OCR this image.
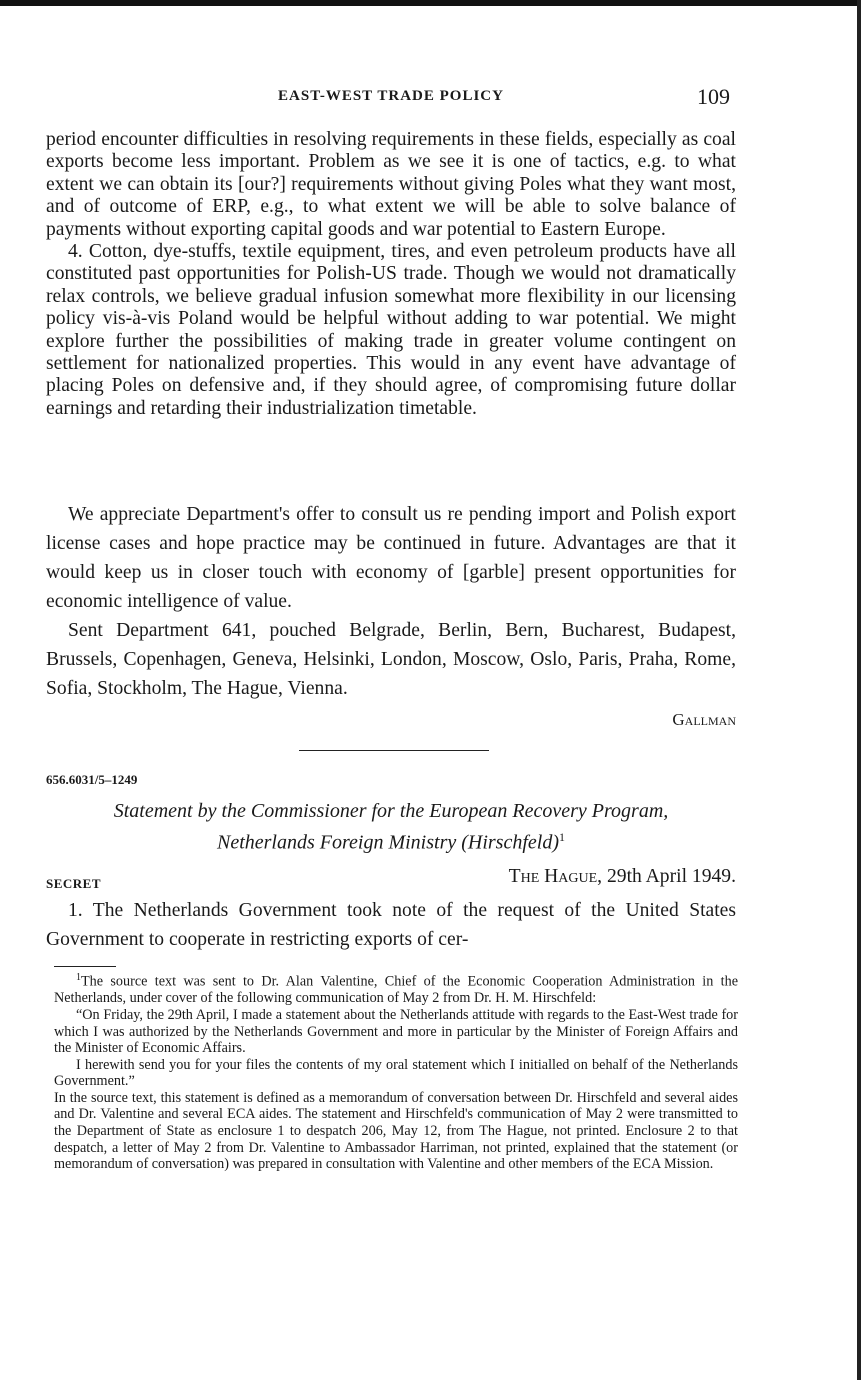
EAST-WEST TRADE POLICY	109

period encounter difficulties in resolving requirements in these fields, especially as coal exports become less important. Problem as we see it is one of tactics, e.g. to what extent we can obtain its [our?] requirements without giving Poles what they want most, and of outcome of ERP, e.g., to what extent we will be able to solve balance of payments without exporting capital goods and war potential to Eastern Europe.

4. Cotton, dye-stuffs, textile equipment, tires, and even petroleum products have all constituted past opportunities for Polish-US trade. Though we would not dramatically relax controls, we believe gradual infusion somewhat more flexibility in our licensing policy vis-à-vis Poland would be helpful without adding to war potential. We might explore further the possibilities of making trade in greater volume contingent on settlement for nationalized properties. This would in any event have advantage of placing Poles on defensive and, if they should agree, of compromising future dollar earnings and retarding their industrialization timetable.

We appreciate Department's offer to consult us re pending import and Polish export license cases and hope practice may be continued in future. Advantages are that it would keep us in closer touch with economy of [garble] present opportunities for economic intelligence of value.

Sent Department 641, pouched Belgrade, Berlin, Bern, Bucharest, Budapest, Brussels, Copenhagen, Geneva, Helsinki, London, Moscow, Oslo, Paris, Praha, Rome, Sofia, Stockholm, The Hague, Vienna.

Gallman
656.6031/5–1249
Statement by the Commissioner for the European Recovery Program,
Netherlands Foreign Ministry (Hirschfeld)$^1$
SECRET	The Hague, 29th April 1949.

1. The Netherlands Government took note of the request of the United States Government to cooperate in restricting exports of cer-

$^1$The source text was sent to Dr. Alan Valentine, Chief of the Economic Cooperation Administration in the Netherlands, under cover of the following communication of May 2 from Dr. H. M. Hirschfeld:

“On Friday, the 29th April, I made a statement about the Netherlands attitude with regards to the East-West trade for which I was authorized by the Netherlands Government and more in particular by the Minister of Foreign Affairs and the Minister of Economic Affairs.

I herewith send you for your files the contents of my oral statement which I initialled on behalf of the Netherlands Government.”

In the source text, this statement is defined as a memorandum of conversation between Dr. Hirschfeld and several aides and Dr. Valentine and several ECA aides. The statement and Hirschfeld's communication of May 2 were transmitted to the Department of State as enclosure 1 to despatch 206, May 12, from The Hague, not printed. Enclosure 2 to that despatch, a letter of May 2 from Dr. Valentine to Ambassador Harriman, not printed, explained that the statement (or memorandum of conversation) was prepared in consultation with Valentine and other members of the ECA Mission.
